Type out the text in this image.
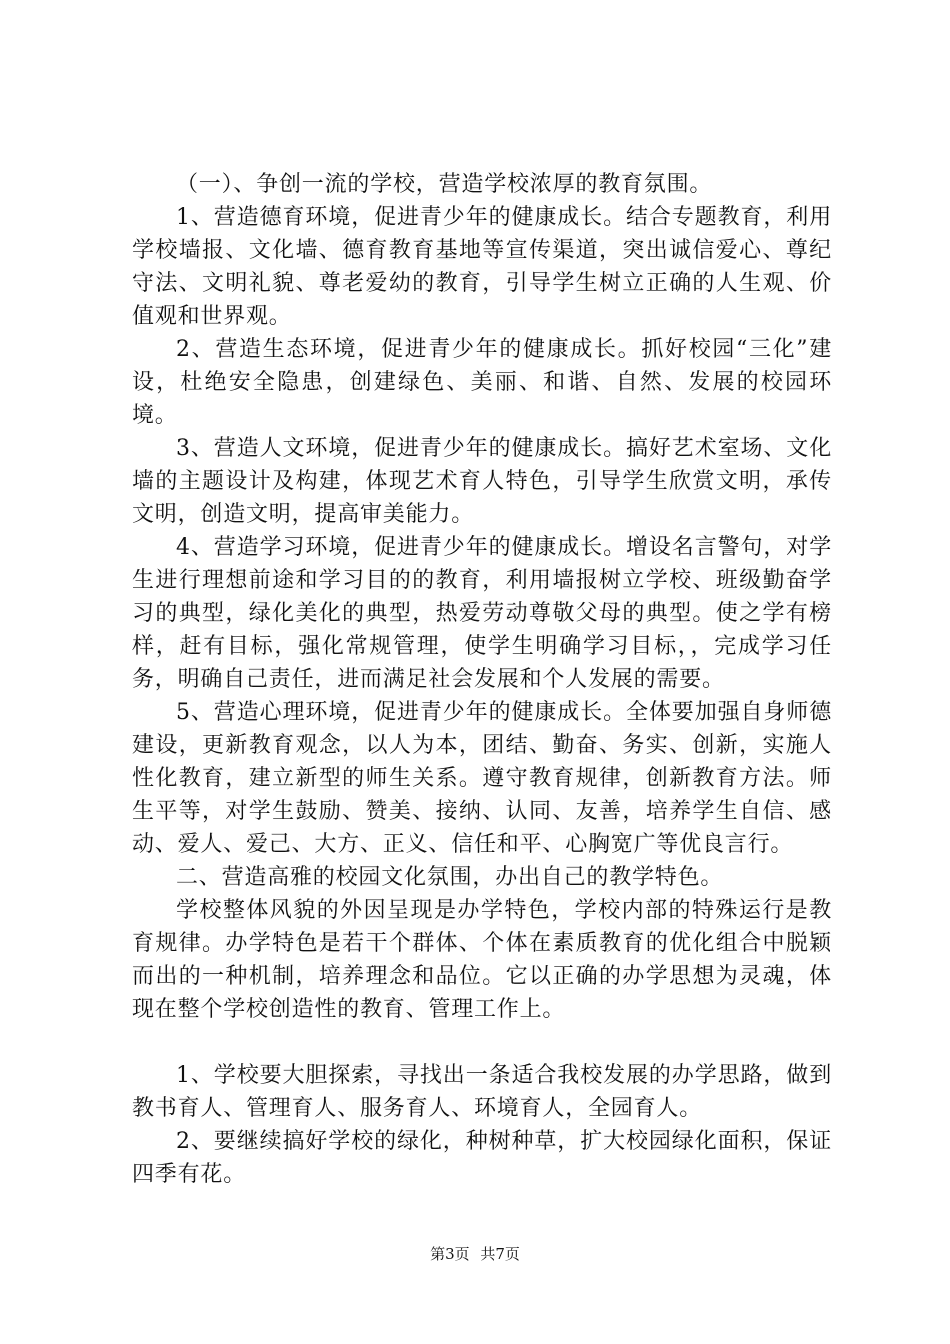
（一）、争创一流的学校，营造学校浓厚的教育氛围。

1、营造德育环境，促进青少年的健康成长。结合专题教育，利用学校墙报、文化墙、德育教育基地等宣传渠道，突出诚信爱心、尊纪守法、文明礼貌、尊老爱幼的教育，引导学生树立正确的人生观、价值观和世界观。

2、营造生态环境，促进青少年的健康成长。抓好校园“三化”建设，杜绝安全隐患，创建绿色、美丽、和谐、自然、发展的校园环境。

3、营造人文环境，促进青少年的健康成长。搞好艺术室场、文化墙的主题设计及构建，体现艺术育人特色，引导学生欣赏文明，承传文明，创造文明，提高审美能力。

4、营造学习环境，促进青少年的健康成长。增设名言警句，对学生进行理想前途和学习目的的教育，利用墙报树立学校、班级勤奋学习的典型，绿化美化的典型，热爱劳动尊敬父母的典型。使之学有榜样，赶有目标，强化常规管理，使学生明确学习目标，，完成学习任务，明确自己责任，进而满足社会发展和个人发展的需要。

5、营造心理环境，促进青少年的健康成长。全体要加强自身师德建设，更新教育观念，以人为本，团结、勤奋、务实、创新，实施人性化教育，建立新型的师生关系。遵守教育规律，创新教育方法。师生平等，对学生鼓励、赞美、接纳、认同、友善，培养学生自信、感动、爱人、爱己、大方、正义、信任和平、心胸宽广等优良言行。

二、营造高雅的校园文化氛围，办出自己的教学特色。

学校整体风貌的外因呈现是办学特色，学校内部的特殊运行是教育规律。办学特色是若干个群体、个体在素质教育的优化组合中脱颖而出的一种机制，培养理念和品位。它以正确的办学思想为灵魂，体现在整个学校创造性的教育、管理工作上。

1、学校要大胆探索，寻找出一条适合我校发展的办学思路，做到教书育人、管理育人、服务育人、环境育人，全园育人。

2、要继续搞好学校的绿化，种树种草，扩大校园绿化面积，保证四季有花。

第3页 共7页
